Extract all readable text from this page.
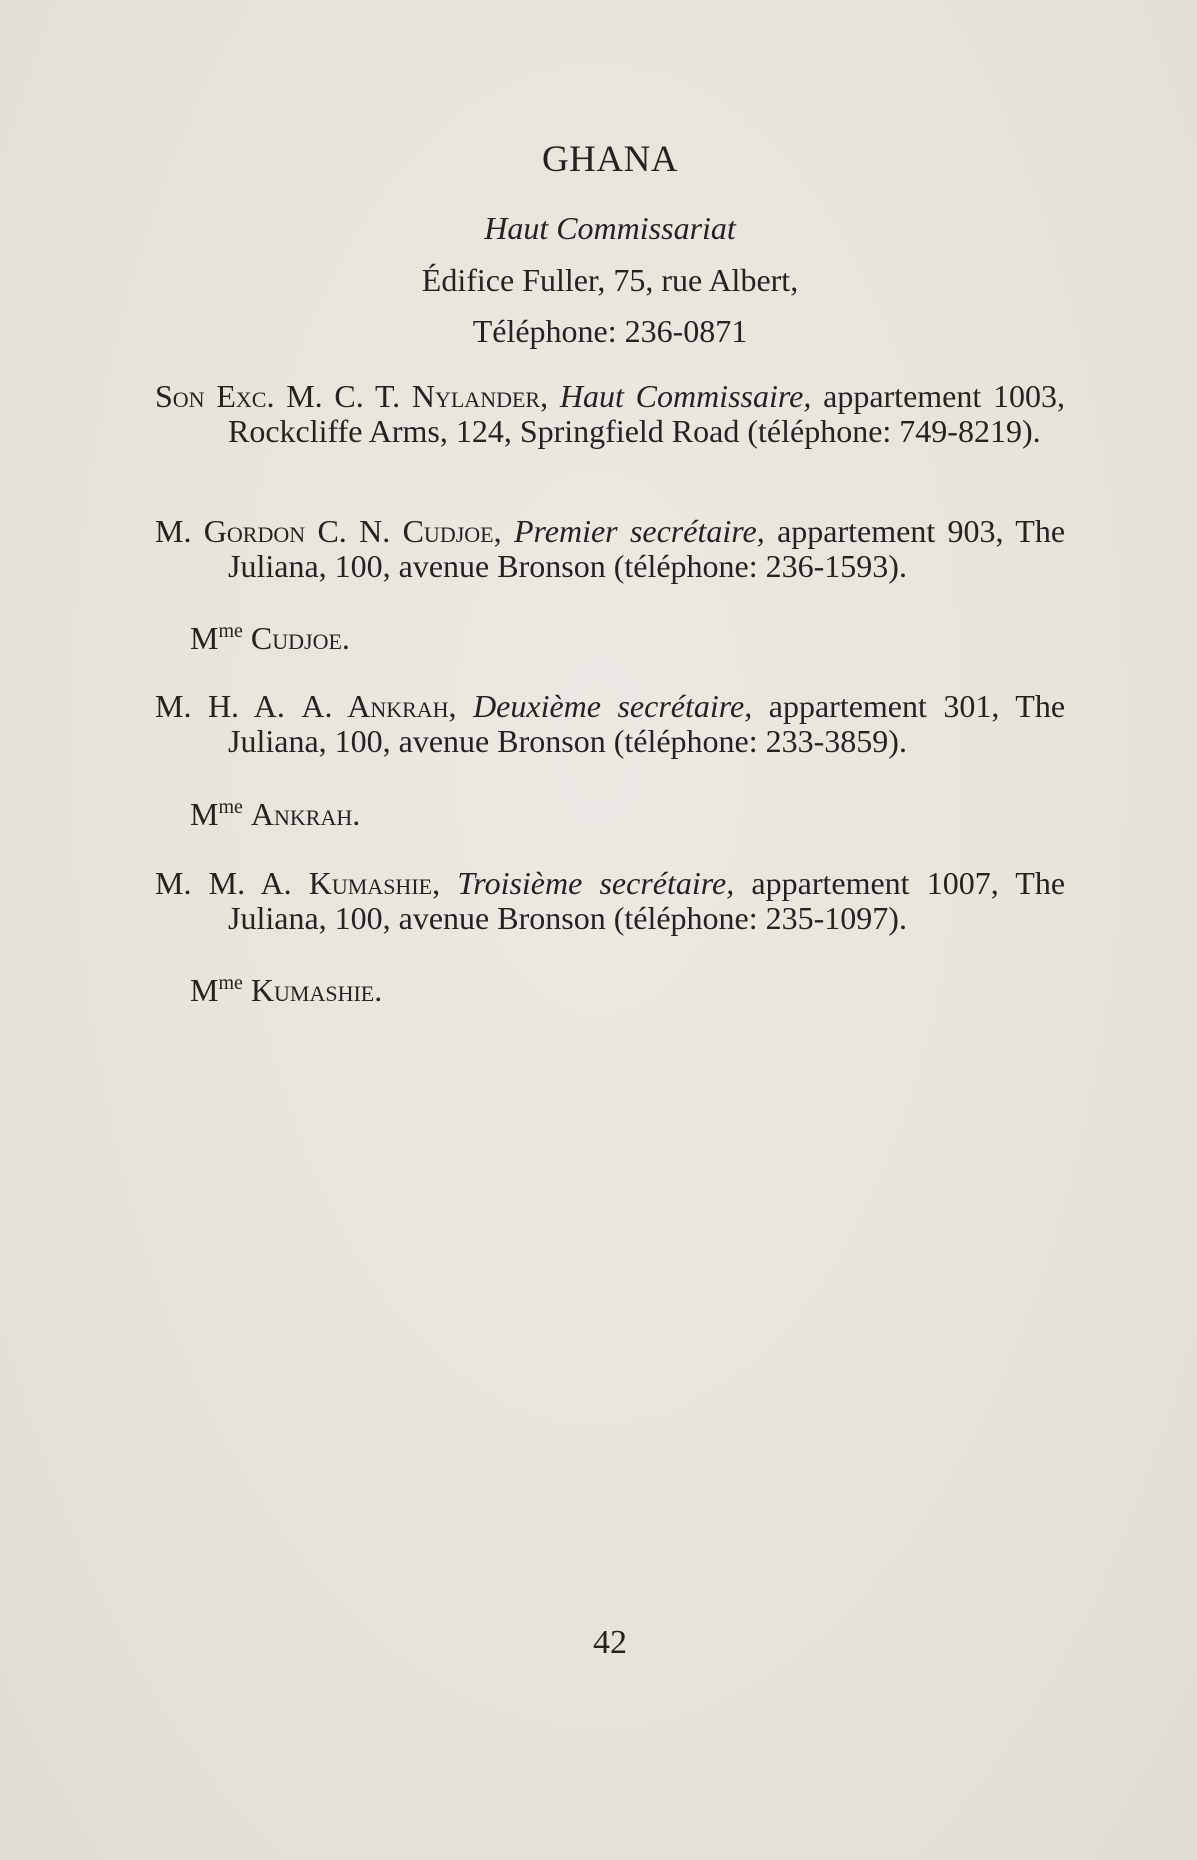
GHANA
Haut Commissariat
Édifice Fuller, 75, rue Albert,
Téléphone: 236-0871
Son Exc. M. C. T. Nylander, Haut Commissaire, appartement 1003, Rockcliffe Arms, 124, Springfield Road (téléphone: 749-8219).
M. Gordon C. N. Cudjoe, Premier secrétaire, appartement 903, The Juliana, 100, avenue Bronson (téléphone: 236-1593).
$M^{me}$ Cudjoe.
M. H. A. A. Ankrah, Deuxième secrétaire, appartement 301, The Juliana, 100, avenue Bronson (téléphone: 233-3859).
$M^{me}$ Ankrah.
M. M. A. Kumashie, Troisième secrétaire, appartement 1007, The Juliana, 100, avenue Bronson (téléphone: 235-1097).
$M^{me}$ Kumashie.
42
